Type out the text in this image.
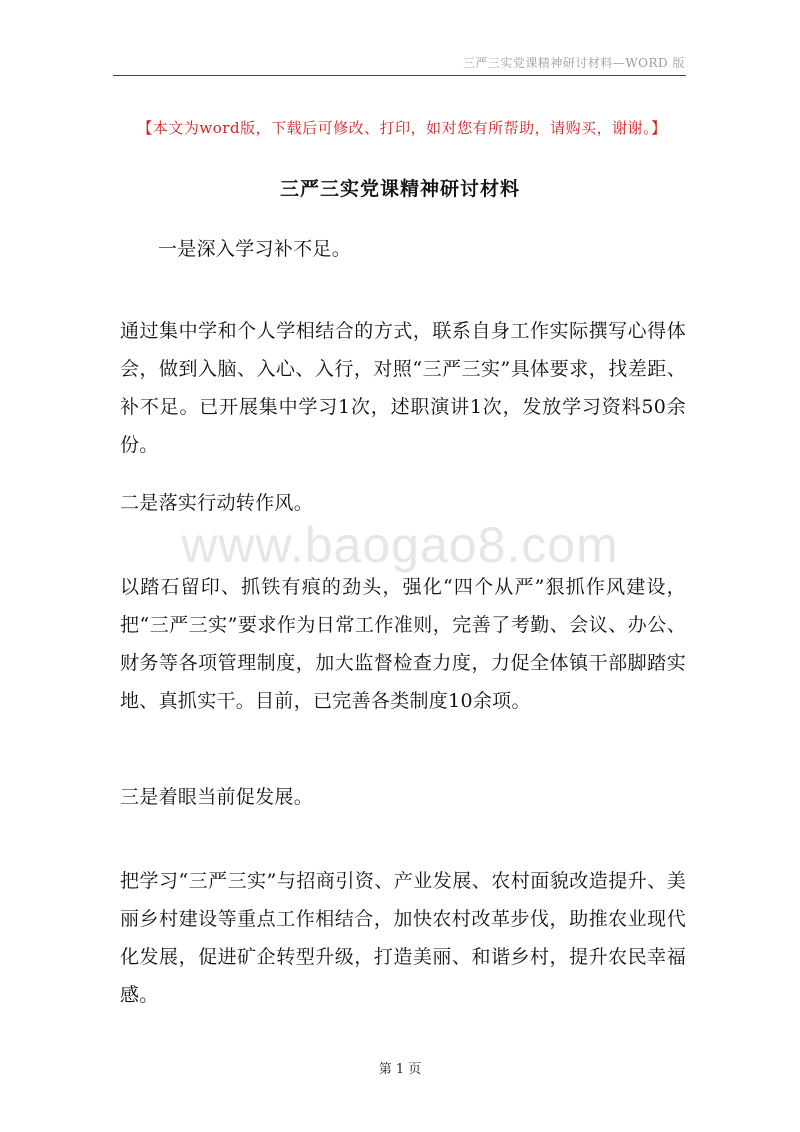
三严三实党课精神研讨材料—WORD 版
【本文为word版，下载后可修改、打印，如对您有所帮助，请购买，谢谢。】
三严三实党课精神研讨材料
一是深入学习补不足。
通过集中学和个人学相结合的方式，联系自身工作实际撰写心得体会，做到入脑、入心、入行，对照“三严三实”具体要求，找差距、补不足。已开展集中学习1次，述职演讲1次，发放学习资料50余份。
二是落实行动转作风。
www.baogao8.com
以踏石留印、抓铁有痕的劲头，强化“四个从严”狠抓作风建设，把“三严三实”要求作为日常工作准则，完善了考勤、会议、办公、财务等各项管理制度，加大监督检查力度，力促全体镇干部脚踏实地、真抓实干。目前，已完善各类制度10余项。
三是着眼当前促发展。
把学习“三严三实”与招商引资、产业发展、农村面貌改造提升、美丽乡村建设等重点工作相结合，加快农村改革步伐，助推农业现代化发展，促进矿企转型升级，打造美丽、和谐乡村，提升农民幸福感。
第 1 页
